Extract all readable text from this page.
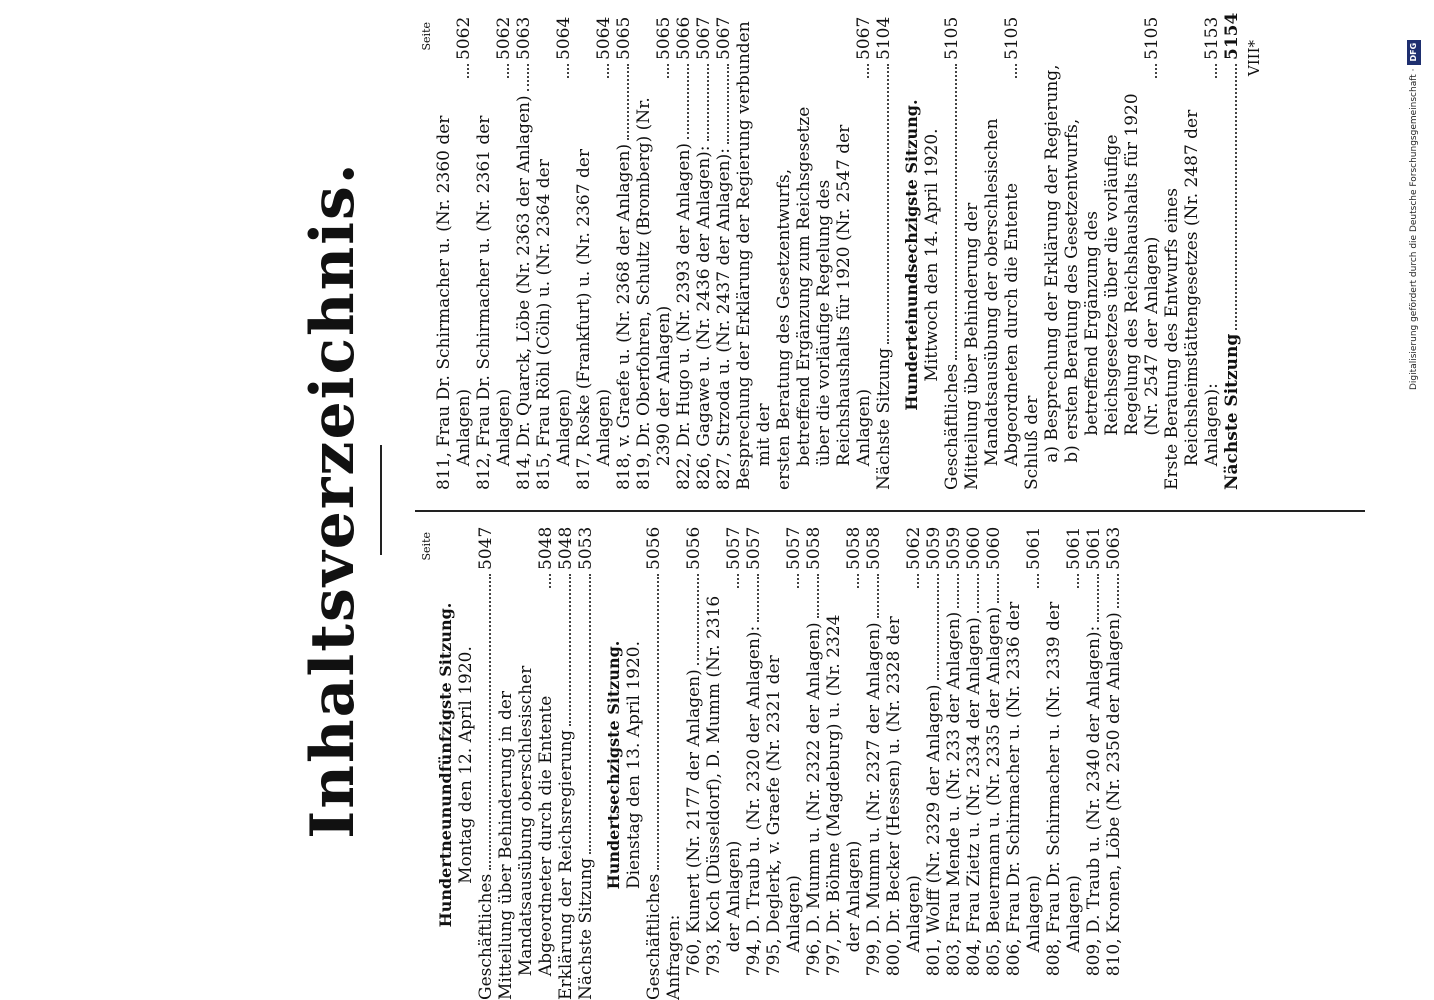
Inhaltsverzeichnis.	Seite
Hundertneunundfünfzigste Sitzung. Montag den 12. April 1920.
Geschäftliches
5047
Mitteilung über Behinderung in der Mandatsausübung oberschlesischer Abgeordneter durch die Entente
5048
Erklärung der Reichsregierung
5048
Nächste Sitzung
5053
Hundertsechzigste Sitzung. Dienstag den 13. April 1920.
Geschäftliches
5056
Anfragen: 760, Kunert (Nr. 2177 der Anlagen)
5056
793, Koch (Düsseldorf), D. Mumm (Nr. 2316 der Anlagen)
5057
794, D. Traub u. (Nr. 2320 der Anlagen):
5057
795, Deglerk, v. Graefe (Nr. 2321 der Anlagen)
5057
796, D. Mumm u. (Nr. 2322 der Anlagen)
5058
797, Dr. Böhme (Magdeburg) u. (Nr. 2324 der Anlagen)
5058
799, D. Mumm u. (Nr. 2327 der Anlagen)
5058
800, Dr. Becker (Hessen) u. (Nr. 2328 der Anlagen)
5062
801, Wolff (Nr. 2329 der Anlagen)
5059
803, Frau Mende u. (Nr. 233 der Anlagen)
5059
804, Frau Zietz u. (Nr. 2334 der Anlagen)
5060
805, Beuermann u. (Nr. 2335 der Anlagen)
5060
806, Frau Dr. Schirmacher u. (Nr. 2336 der Anlagen)
5061
808, Frau Dr. Schirmacher u. (Nr. 2339 der Anlagen)
5061
809, D. Traub u. (Nr. 2340 der Anlagen):
5061
810, Kronen, Löbe (Nr. 2350 der Anlagen)
5063
Seite
811, Frau Dr. Schirmacher u. (Nr. 2360 der Anlagen)
5062
812, Frau Dr. Schirmacher u. (Nr. 2361 der Anlagen)
5062
814, Dr. Quarck, Löbe (Nr. 2363 der Anlagen)
5063
815, Frau Röhl (Cöln) u. (Nr. 2364 der Anlagen)
5064
817, Roske (Frankfurt) u. (Nr. 2367 der Anlagen)
5064
818, v. Graefe u. (Nr. 2368 der Anlagen)
5065
819, Dr. Oberfohren, Schultz (Bromberg) (Nr. 2390 der Anlagen)
5065
822, Dr. Hugo u. (Nr. 2393 der Anlagen)
5066
826, Gagawe u. (Nr. 2436 der Anlagen):
5067
827, Strzoda u. (Nr. 2437 der Anlagen):
5067 Besprechung der Erklärung der Regierung verbunden mit der ersten Beratung des Gesetzentwurfs, betreffend Ergänzung zum Reichsgesetze über die vorläufige Regelung des Reichshaushalts für 1920 (Nr. 2547 der Anlagen)
5067
Nächste Sitzung
5104
Hunderteinundsechzigste Sitzung. Mittwoch den 14. April 1920.
Geschäftliches
5105
Mitteilung über Behinderung der Mandatsausübung der oberschlesischen Abgeordneten durch die Entente
5105
Schluß der a) Besprechung der Erklärung der Regierung, b) ersten Beratung des Gesetzentwurfs, betreffend Ergänzung des Reichsgesetzes über die vorläufige Regelung des Reichshaushalts für 1920 (Nr. 2547 der Anlagen)
5105
Erste Beratung des Entwurfs eines Reichsheimstättengesetzes (Nr. 2487 der Anlagen):
5153
Nächste Sitzung
5154 VIII*
Digitalisierung gefördert durch die Deutsche Forschungsgemeinschaft ·
DFG
